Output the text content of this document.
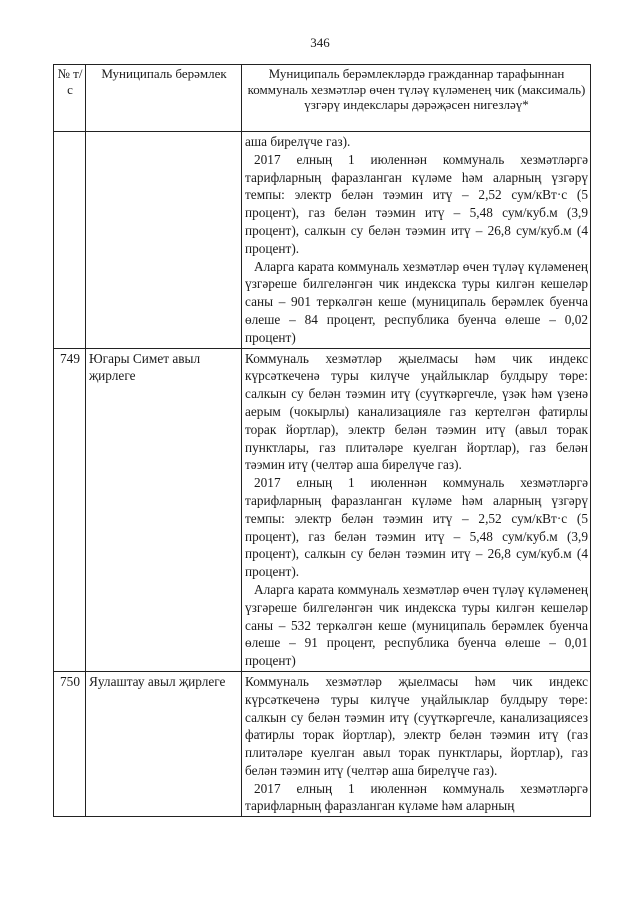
346
№ т/с	Муниципаль берәмлек	Муниципаль берәмлекләрдә гражданнар тарафыннан коммуналь хезмәтләр өчен түләү күләменең чик (максималь) үзгәрү индекслары дәрәҗәсен нигезләү*

		аша бирелүче газ).

2017 елның 1 июленнән коммуналь хезмәтләргә тарифларның фаразланган күләме һәм аларның үзгәрү темпы: электр белән тәэмин итү – 2,52 сум/кВт·с (5 процент), газ белән тәэмин итү – 5,48 сум/куб.м (3,9 процент), салкын су белән тәэмин итү – 26,8 сум/куб.м (4 процент).

Аларга карата коммуналь хезмәтләр өчен түләү күләменең үзгәреше билгеләнгән чик индекска туры килгән кешеләр саны – 901 теркәлгән кеше (муниципаль берәмлек буенча өлеше – 84 процент, республика буенча өлеше – 0,02 процент)

749	Югары Симет авыл җирлеге	Коммуналь хезмәтләр җыелмасы һәм чик индекс күрсәткеченә туры килүче уңайлыклар булдыру төре: салкын су белән тәэмин итү (суүткәргечле, үзәк һәм үзенә аерым (чокырлы) канализацияле газ кертелгән фатирлы торак йортлар), электр белән тәэмин итү (авыл торак пунктлары, газ плитәләре куелган йортлар), газ белән тәэмин итү (челтәр аша бирелүче газ).

2017 елның 1 июленнән коммуналь хезмәтләргә тарифларның фаразланган күләме һәм аларның үзгәрү темпы: электр белән тәэмин итү – 2,52 сум/кВт·с (5 процент), газ белән тәэмин итү – 5,48 сум/куб.м (3,9 процент), салкын су белән тәэмин итү – 26,8 сум/куб.м (4 процент).

Аларга карата коммуналь хезмәтләр өчен түләү күләменең үзгәреше билгеләнгән чик индекска туры килгән кешеләр саны – 532 теркәлгән кеше (муниципаль берәмлек буенча өлеше – 91 процент, республика буенча өлеше – 0,01 процент)

750	Яулаштау авыл җирлеге	Коммуналь хезмәтләр җыелмасы һәм чик индекс күрсәткеченә туры килүче уңайлыклар булдыру төре: салкын су белән тәэмин итү (суүткәргечле, канализациясез фатирлы торак йортлар), электр белән тәэмин итү (газ плитәләре куелган авыл торак пунктлары, йортлар), газ белән тәэмин итү (челтәр аша бирелүче газ).

2017 елның 1 июленнән коммуналь хезмәтләргә тарифларның фаразланган күләме һәм аларның
